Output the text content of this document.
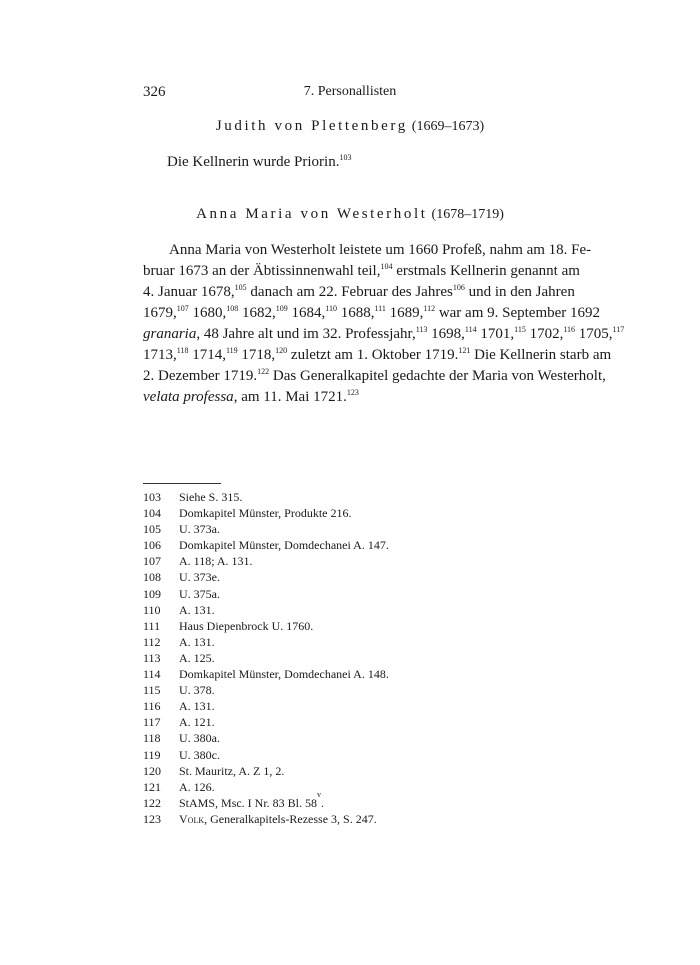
326	7. Personallisten
Judith von Plettenberg (1669–1673)
Die Kellnerin wurde Priorin.$^{103}$
Anna Maria von Westerholt (1678–1719)
Anna Maria von Westerholt leistete um 1660 Profeß, nahm am 18. Fe-
bruar 1673 an der Äbtissinnenwahl teil,$^{104}$ erstmals Kellnerin genannt am
4. Januar 1678,$^{105}$ danach am 22. Februar des Jahres$^{106}$ und in den Jahren
1679,$^{107}$ 1680,$^{108}$ 1682,$^{109}$ 1684,$^{110}$ 1688,$^{111}$ 1689,$^{112}$ war am 9. September 1692
granaria, 48 Jahre alt und im 32. Professjahr,$^{113}$ 1698,$^{114}$ 1701,$^{115}$ 1702,$^{116}$ 1705,$^{117}$
1713,$^{118}$ 1714,$^{119}$ 1718,$^{120}$ zuletzt am 1. Oktober 1719.$^{121}$ Die Kellnerin starb am
2. Dezember 1719.$^{122}$ Das Generalkapitel gedachte der Maria von Westerholt,
velata professa, am 11. Mai 1721.$^{123}$
103	Siehe S. 315.
104	Domkapitel Münster, Produkte 216.
105	U. 373a.
106	Domkapitel Münster, Domdechanei A. 147.
107	A. 118; A. 131.
108	U. 373e.
109	U. 375a.
110	A. 131.
111	Haus Diepenbrock U. 1760.
112	A. 131.
113	A. 125.
114	Domkapitel Münster, Domdechanei A. 148.
115	U. 378.
116	A. 131.
117	A. 121.
118	U. 380a.
119	U. 380c.
120	St. Mauritz, A. Z 1, 2.
121	A. 126.
122	StAMS, Msc. I Nr. 83 Bl. 58
v
.
123	Volk , Generalkapitels-Rezesse 3, S. 247.
